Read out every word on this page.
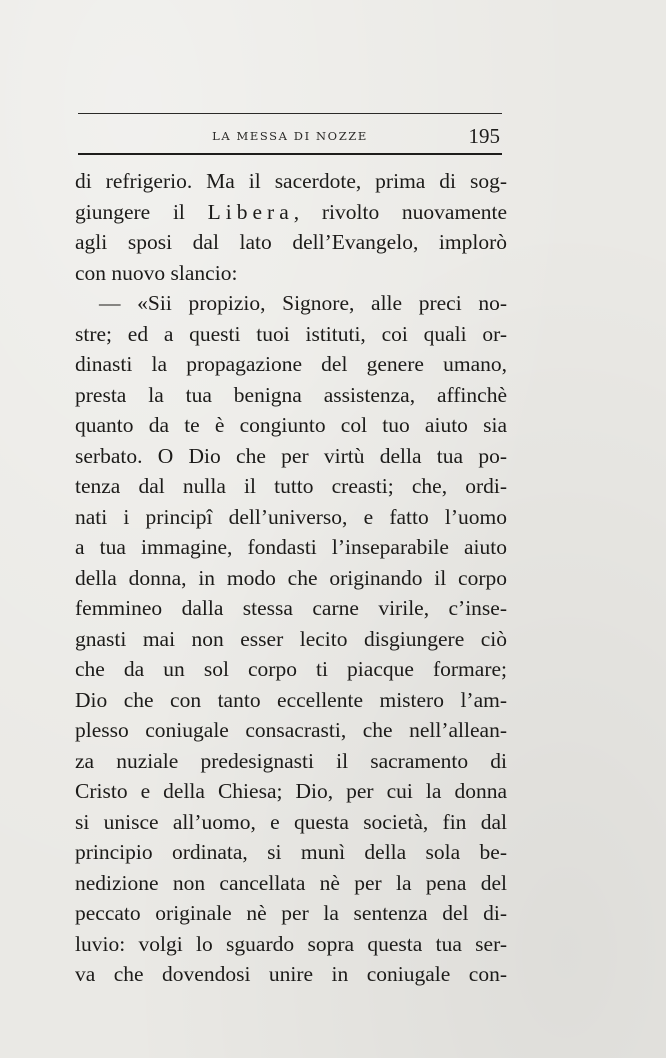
LA MESSA DI NOZZE	195
di refrigerio. Ma il sacerdote, prima di sog-
giungere il Libera, rivolto nuovamente
agli sposi dal lato dell’Evangelo, implorò
con nuovo slancio:
— «Sii propizio, Signore, alle preci no-
stre; ed a questi tuoi istituti, coi quali or-
dinasti la propagazione del genere umano,
presta la tua benigna assistenza, affinchè
quanto da te è congiunto col tuo aiuto sia
serbato. O Dio che per virtù della tua po-
tenza dal nulla il tutto creasti; che, ordi-
nati i principî dell’universo, e fatto l’uomo
a tua immagine, fondasti l’inseparabile aiuto
della donna, in modo che originando il corpo
femmineo dalla stessa carne virile, c’inse-
gnasti mai non esser lecito disgiungere ciò
che da un sol corpo ti piacque formare;
Dio che con tanto eccellente mistero l’am-
plesso coniugale consacrasti, che nell’allean-
za nuziale predesignasti il sacramento di
Cristo e della Chiesa; Dio, per cui la donna
si unisce all’uomo, e questa società, fin dal
principio ordinata, si munì della sola be-
nedizione non cancellata nè per la pena del
peccato originale nè per la sentenza del di-
luvio: volgi lo sguardo sopra questa tua ser-
va che dovendosi unire in coniugale con-
